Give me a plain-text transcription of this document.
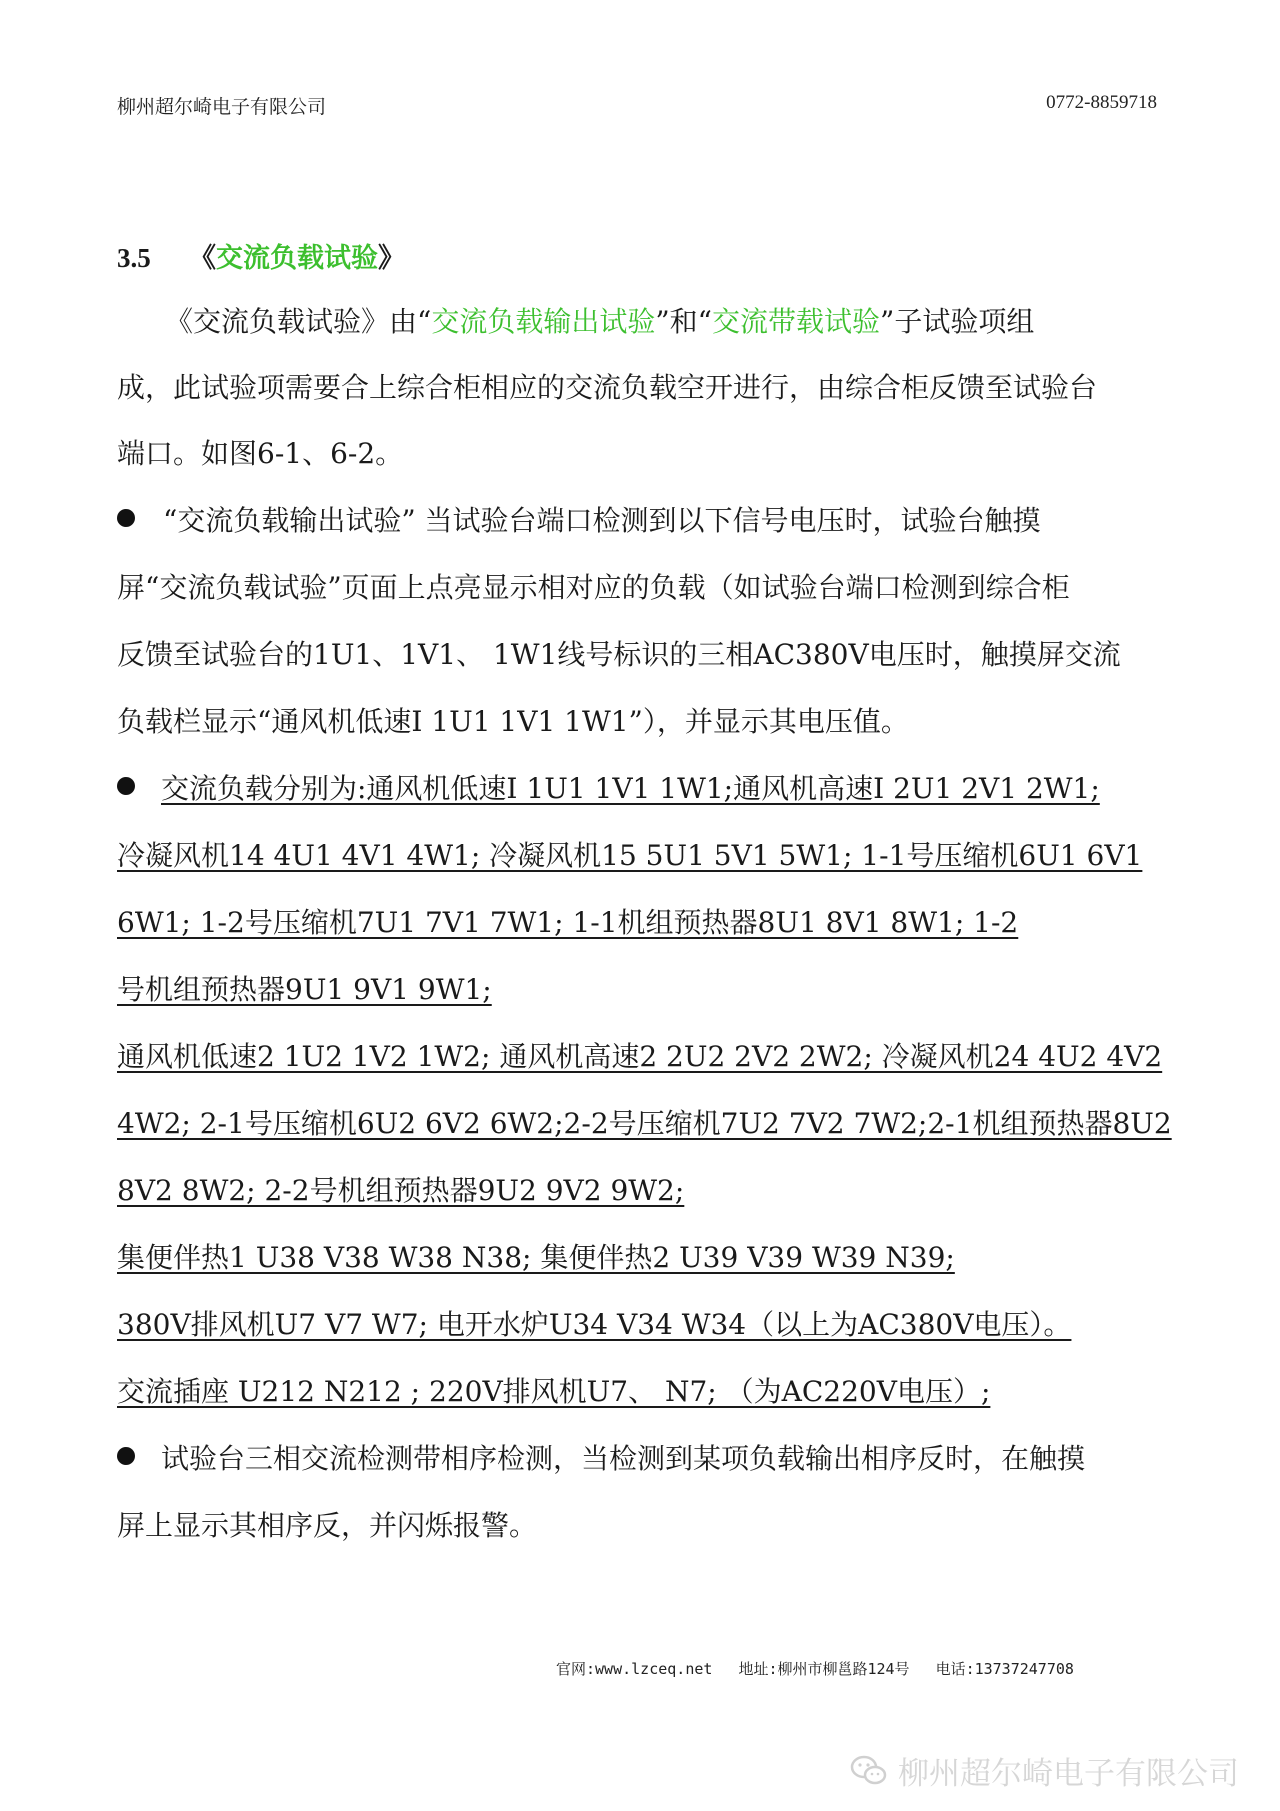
柳州超尔崎电子有限公司	0772-8859718
3.5 《交流负载试验》
《交流负载试验》由“交流负载输出试验”和“交流带载试验”子试验项组
成，此试验项需要合上综合柜相应的交流负载空开进行，由综合柜反馈至试验台
端口。如图6-1、6-2。
“交流负载输出试验” 当试验台端口检测到以下信号电压时，试验台触摸
屏“交流负载试验”页面上点亮显示相对应的负载（如试验台端口检测到综合柜
反馈至试验台的1U1、1V1、 1W1线号标识的三相AC380V电压时，触摸屏交流
负载栏显示“通风机低速Ⅰ 1U1 1V1 1W1”），并显示其电压值。
交流负载分别为:通风机低速Ⅰ 1U1 1V1 1W1;通风机高速Ⅰ 2U1 2V1 2W1;
冷凝风机14 4U1 4V1 4W1; 冷凝风机15 5U1 5V1 5W1; 1-1号压缩机6U1 6V1
6W1; 1-2号压缩机7U1 7V1 7W1; 1-1机组预热器8U1 8V1 8W1; 1-2
号机组预热器9U1 9V1 9W1;
通风机低速2 1U2 1V2 1W2; 通风机高速2 2U2 2V2 2W2; 冷凝风机24 4U2 4V2
4W2; 2-1号压缩机6U2 6V2 6W2;2-2号压缩机7U2 7V2 7W2;2-1机组预热器8U2
8V2 8W2; 2-2号机组预热器9U2 9V2 9W2;
集便伴热1 U38 V38 W38 N38; 集便伴热2 U39 V39 W39 N39;
380V排风机U7 V7 W7; 电开水炉U34 V34 W34（以上为AC380V电压）。
交流插座 U212 N212 ; 220V排风机U7、 N7; （为AC220V电压）;
试验台三相交流检测带相序检测，当检测到某项负载输出相序反时，在触摸
屏上显示其相序反，并闪烁报警。
官网:www.lzceq.net 地址:柳州市柳邕路124号 电话:13737247708
柳州超尔崎电子有限公司
